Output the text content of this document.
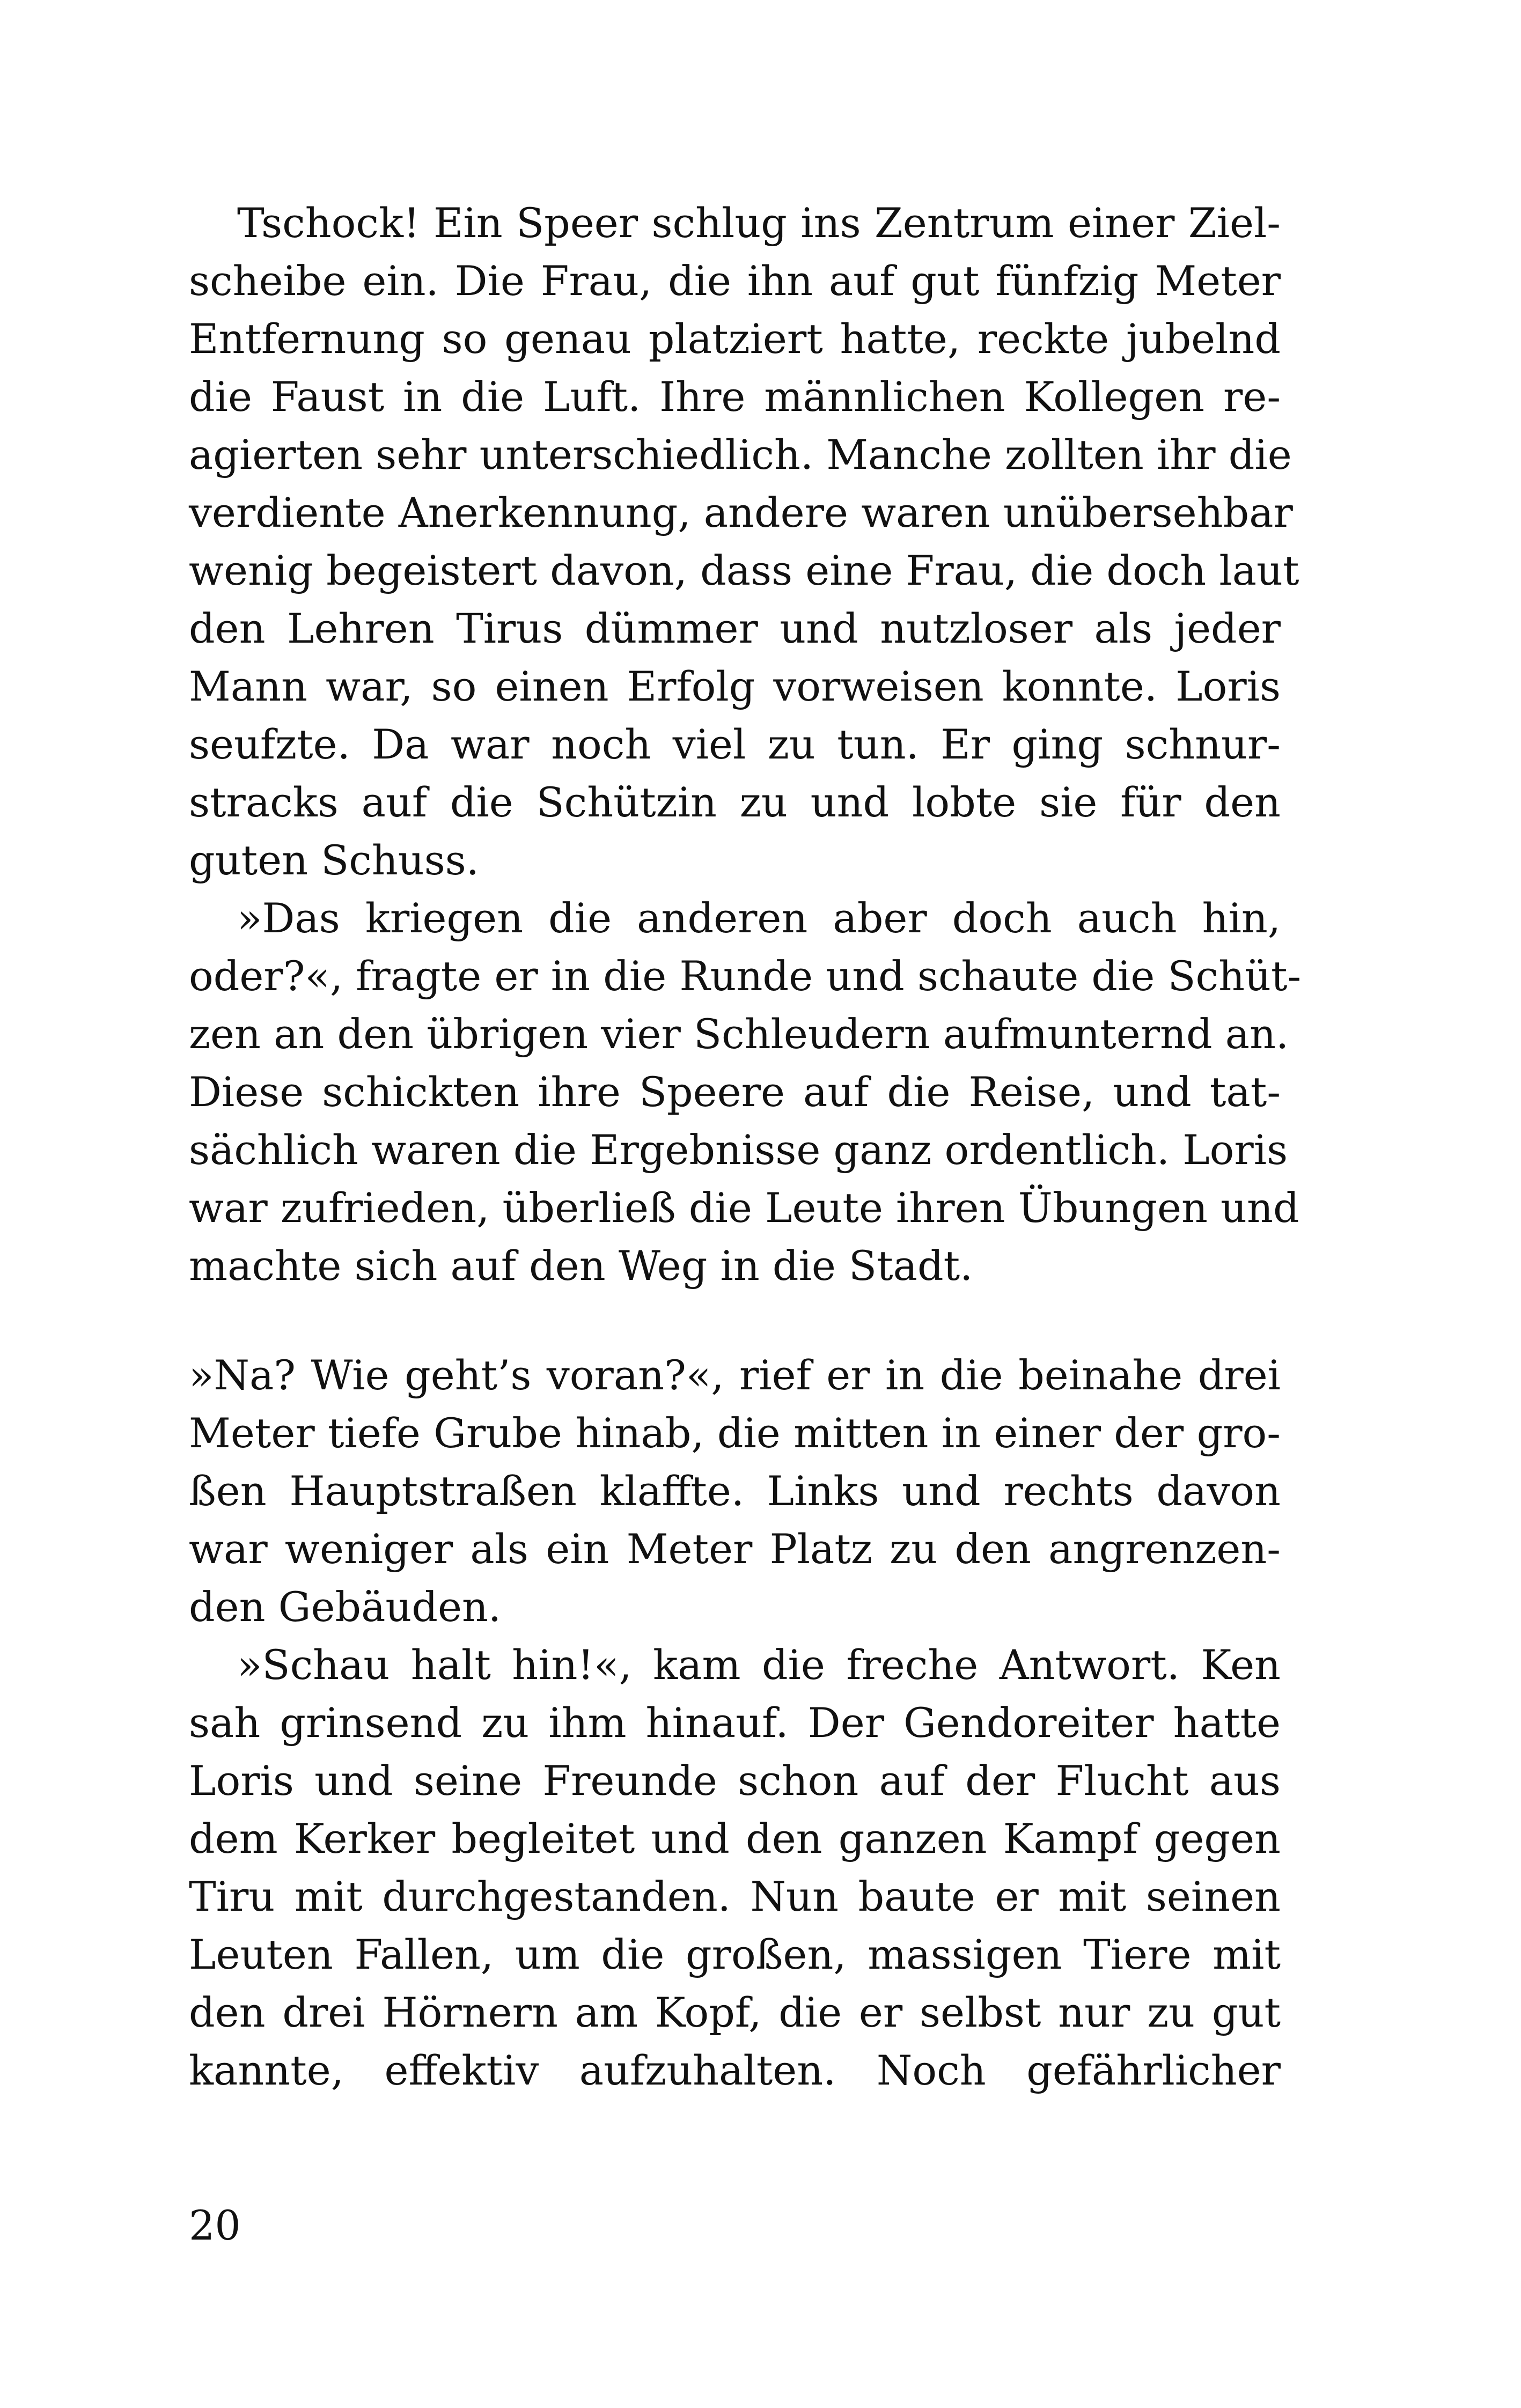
Tschock! Ein Speer schlug ins Zentrum einer Ziel-
scheibe ein. Die Frau, die ihn auf gut fünfzig Meter
Entfernung so genau platziert hatte, reckte jubelnd
die Faust in die Luft. Ihre männlichen Kollegen re-
agierten sehr unterschiedlich. Manche zollten ihr die
verdiente Anerkennung, andere waren unübersehbar
wenig begeistert davon, dass eine Frau, die doch laut
den Lehren Tirus dümmer und nutzloser als jeder
Mann war, so einen Erfolg vorweisen konnte. Loris
seufzte. Da war noch viel zu tun. Er ging schnur-
stracks auf die Schützin zu und lobte sie für den
guten Schuss.
»Das kriegen die anderen aber doch auch hin,
oder?«, fragte er in die Runde und schaute die Schüt-
zen an den übrigen vier Schleudern aufmunternd an.
Diese schickten ihre Speere auf die Reise, und tat-
sächlich waren die Ergebnisse ganz ordentlich. Loris
war zufrieden, überließ die Leute ihren Übungen und
machte sich auf den Weg in die Stadt.
»Na? Wie geht’s voran?«, rief er in die beinahe drei
Meter tiefe Grube hinab, die mitten in einer der gro-
ßen Hauptstraßen klaffte. Links und rechts davon
war weniger als ein Meter Platz zu den angrenzen-
den Gebäuden.
»Schau halt hin!«, kam die freche Antwort. Ken
sah grinsend zu ihm hinauf. Der Gendoreiter hatte
Loris und seine Freunde schon auf der Flucht aus
dem Kerker begleitet und den ganzen Kampf gegen
Tiru mit durchgestanden. Nun baute er mit seinen
Leuten Fallen, um die großen, massigen Tiere mit
den drei Hörnern am Kopf, die er selbst nur zu gut
kannte, effektiv aufzuhalten. Noch gefährlicher
20
